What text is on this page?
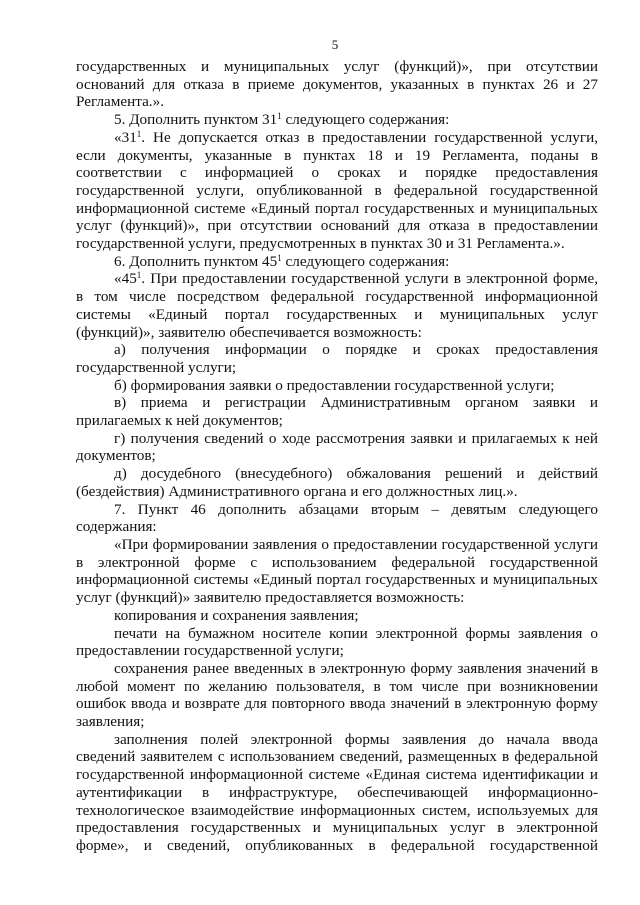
5

государственных и муниципальных услуг (функций)», при отсутствии оснований для отказа в приеме документов, указанных в пунктах 26 и 27 Регламента.».

5. Дополнить пунктом $31^1$ следующего содержания:

«$31^1$. Не допускается отказ в предоставлении государственной услуги, если документы, указанные в пунктах 18 и 19 Регламента, поданы в соответствии с информацией о сроках и порядке предоставления государственной услуги, опубликованной в федеральной государственной информационной системе «Единый портал государственных и муниципальных услуг (функций)», при отсутствии оснований для отказа в предоставлении государственной услуги, предусмотренных в пунктах 30 и 31 Регламента.».

6. Дополнить пунктом $45^1$ следующего содержания:

«$45^1$. При предоставлении государственной услуги в электронной форме, в том числе посредством федеральной государственной информационной системы «Единый портал государственных и муниципальных услуг (функций)», заявителю обеспечивается возможность:

а) получения информации о порядке и сроках предоставления государственной услуги;

б) формирования заявки о предоставлении государственной услуги;

в) приема и регистрации Административным органом заявки и прилагаемых к ней документов;

г) получения сведений о ходе рассмотрения заявки и прилагаемых к ней документов;

д) досудебного (внесудебного) обжалования решений и действий (бездействия) Административного органа и его должностных лиц.».

7. Пункт 46 дополнить абзацами вторым – девятым следующего содержания:

«При формировании заявления о предоставлении государственной услуги в электронной форме с использованием федеральной государственной информационной системы «Единый портал государственных и муниципальных услуг (функций)» заявителю предоставляется возможность:

копирования и сохранения заявления;

печати на бумажном носителе копии электронной формы заявления о предоставлении государственной услуги;

сохранения ранее введенных в электронную форму заявления значений в любой момент по желанию пользователя, в том числе при возникновении ошибок ввода и возврате для повторного ввода значений в электронную форму заявления;

заполнения полей электронной формы заявления до начала ввода сведений заявителем с использованием сведений, размещенных в федеральной государственной информационной системе «Единая система идентификации и аутентификации в инфраструктуре, обеспечивающей информационно-технологическое взаимодействие информационных систем, используемых для предоставления государственных и муниципальных услуг в электронной форме», и сведений, опубликованных в федеральной государственной
